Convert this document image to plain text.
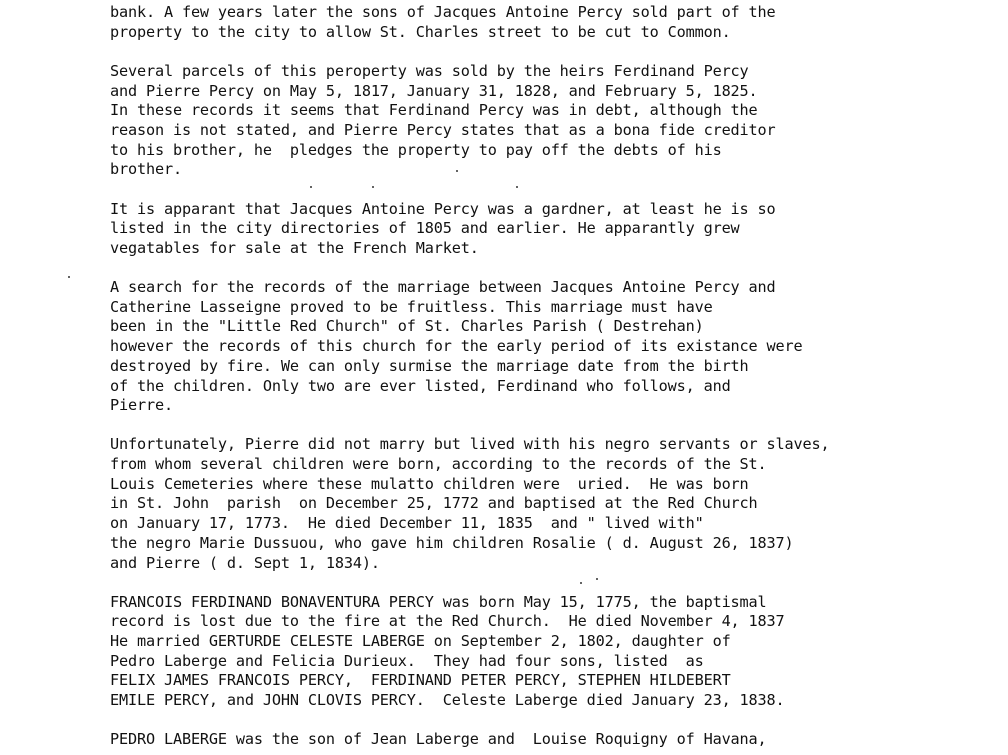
bank. A few years later the sons of Jacques Antoine Percy sold part of the
property to the city to allow St. Charles street to be cut to Common.
Several parcels of this peroperty was sold by the heirs Ferdinand Percy
and Pierre Percy on May 5, 1817, January 31, 1828, and February 5, 1825.
In these records it seems that Ferdinand Percy was in debt, although the
reason is not stated, and Pierre Percy states that as a bona fide creditor
to his brother, he  pledges the property to pay off the debts of his
brother.
It is apparant that Jacques Antoine Percy was a gardner, at least he is so
listed in the city directories of 1805 and earlier. He apparantly grew
vegatables for sale at the French Market.
A search for the records of the marriage between Jacques Antoine Percy and
Catherine Lasseigne proved to be fruitless. This marriage must have
been in the "Little Red Church" of St. Charles Parish ( Destrehan)
however the records of this church for the early period of its existance were
destroyed by fire. We can only surmise the marriage date from the birth
of the children. Only two are ever listed, Ferdinand who follows, and
Pierre.
Unfortunately, Pierre did not marry but lived with his negro servants or slaves,
from whom several children were born, according to the records of the St.
Louis Cemeteries where these mulatto children were  uried.  He was born
in St. John  parish  on December 25, 1772 and baptised at the Red Church
on January 17, 1773.  He died December 11, 1835  and " lived with"
the negro Marie Dussuou, who gave him children Rosalie ( d. August 26, 1837)
and Pierre ( d. Sept 1, 1834).
FRANCOIS FERDINAND BONAVENTURA PERCY was born May 15, 1775, the baptismal
record is lost due to the fire at the Red Church.  He died November 4, 1837
He married GERTURDE CELESTE LABERGE on September 2, 1802, daughter of
Pedro Laberge and Felicia Durieux.  They had four sons, listed  as
FELIX JAMES FRANCOIS PERCY,  FERDINAND PETER PERCY, STEPHEN HILDEBERT
EMILE PERCY, and JOHN CLOVIS PERCY.  Celeste Laberge died January 23, 1838.
PEDRO LABERGE was the son of Jean Laberge and  Louise Roquigny of Havana,
